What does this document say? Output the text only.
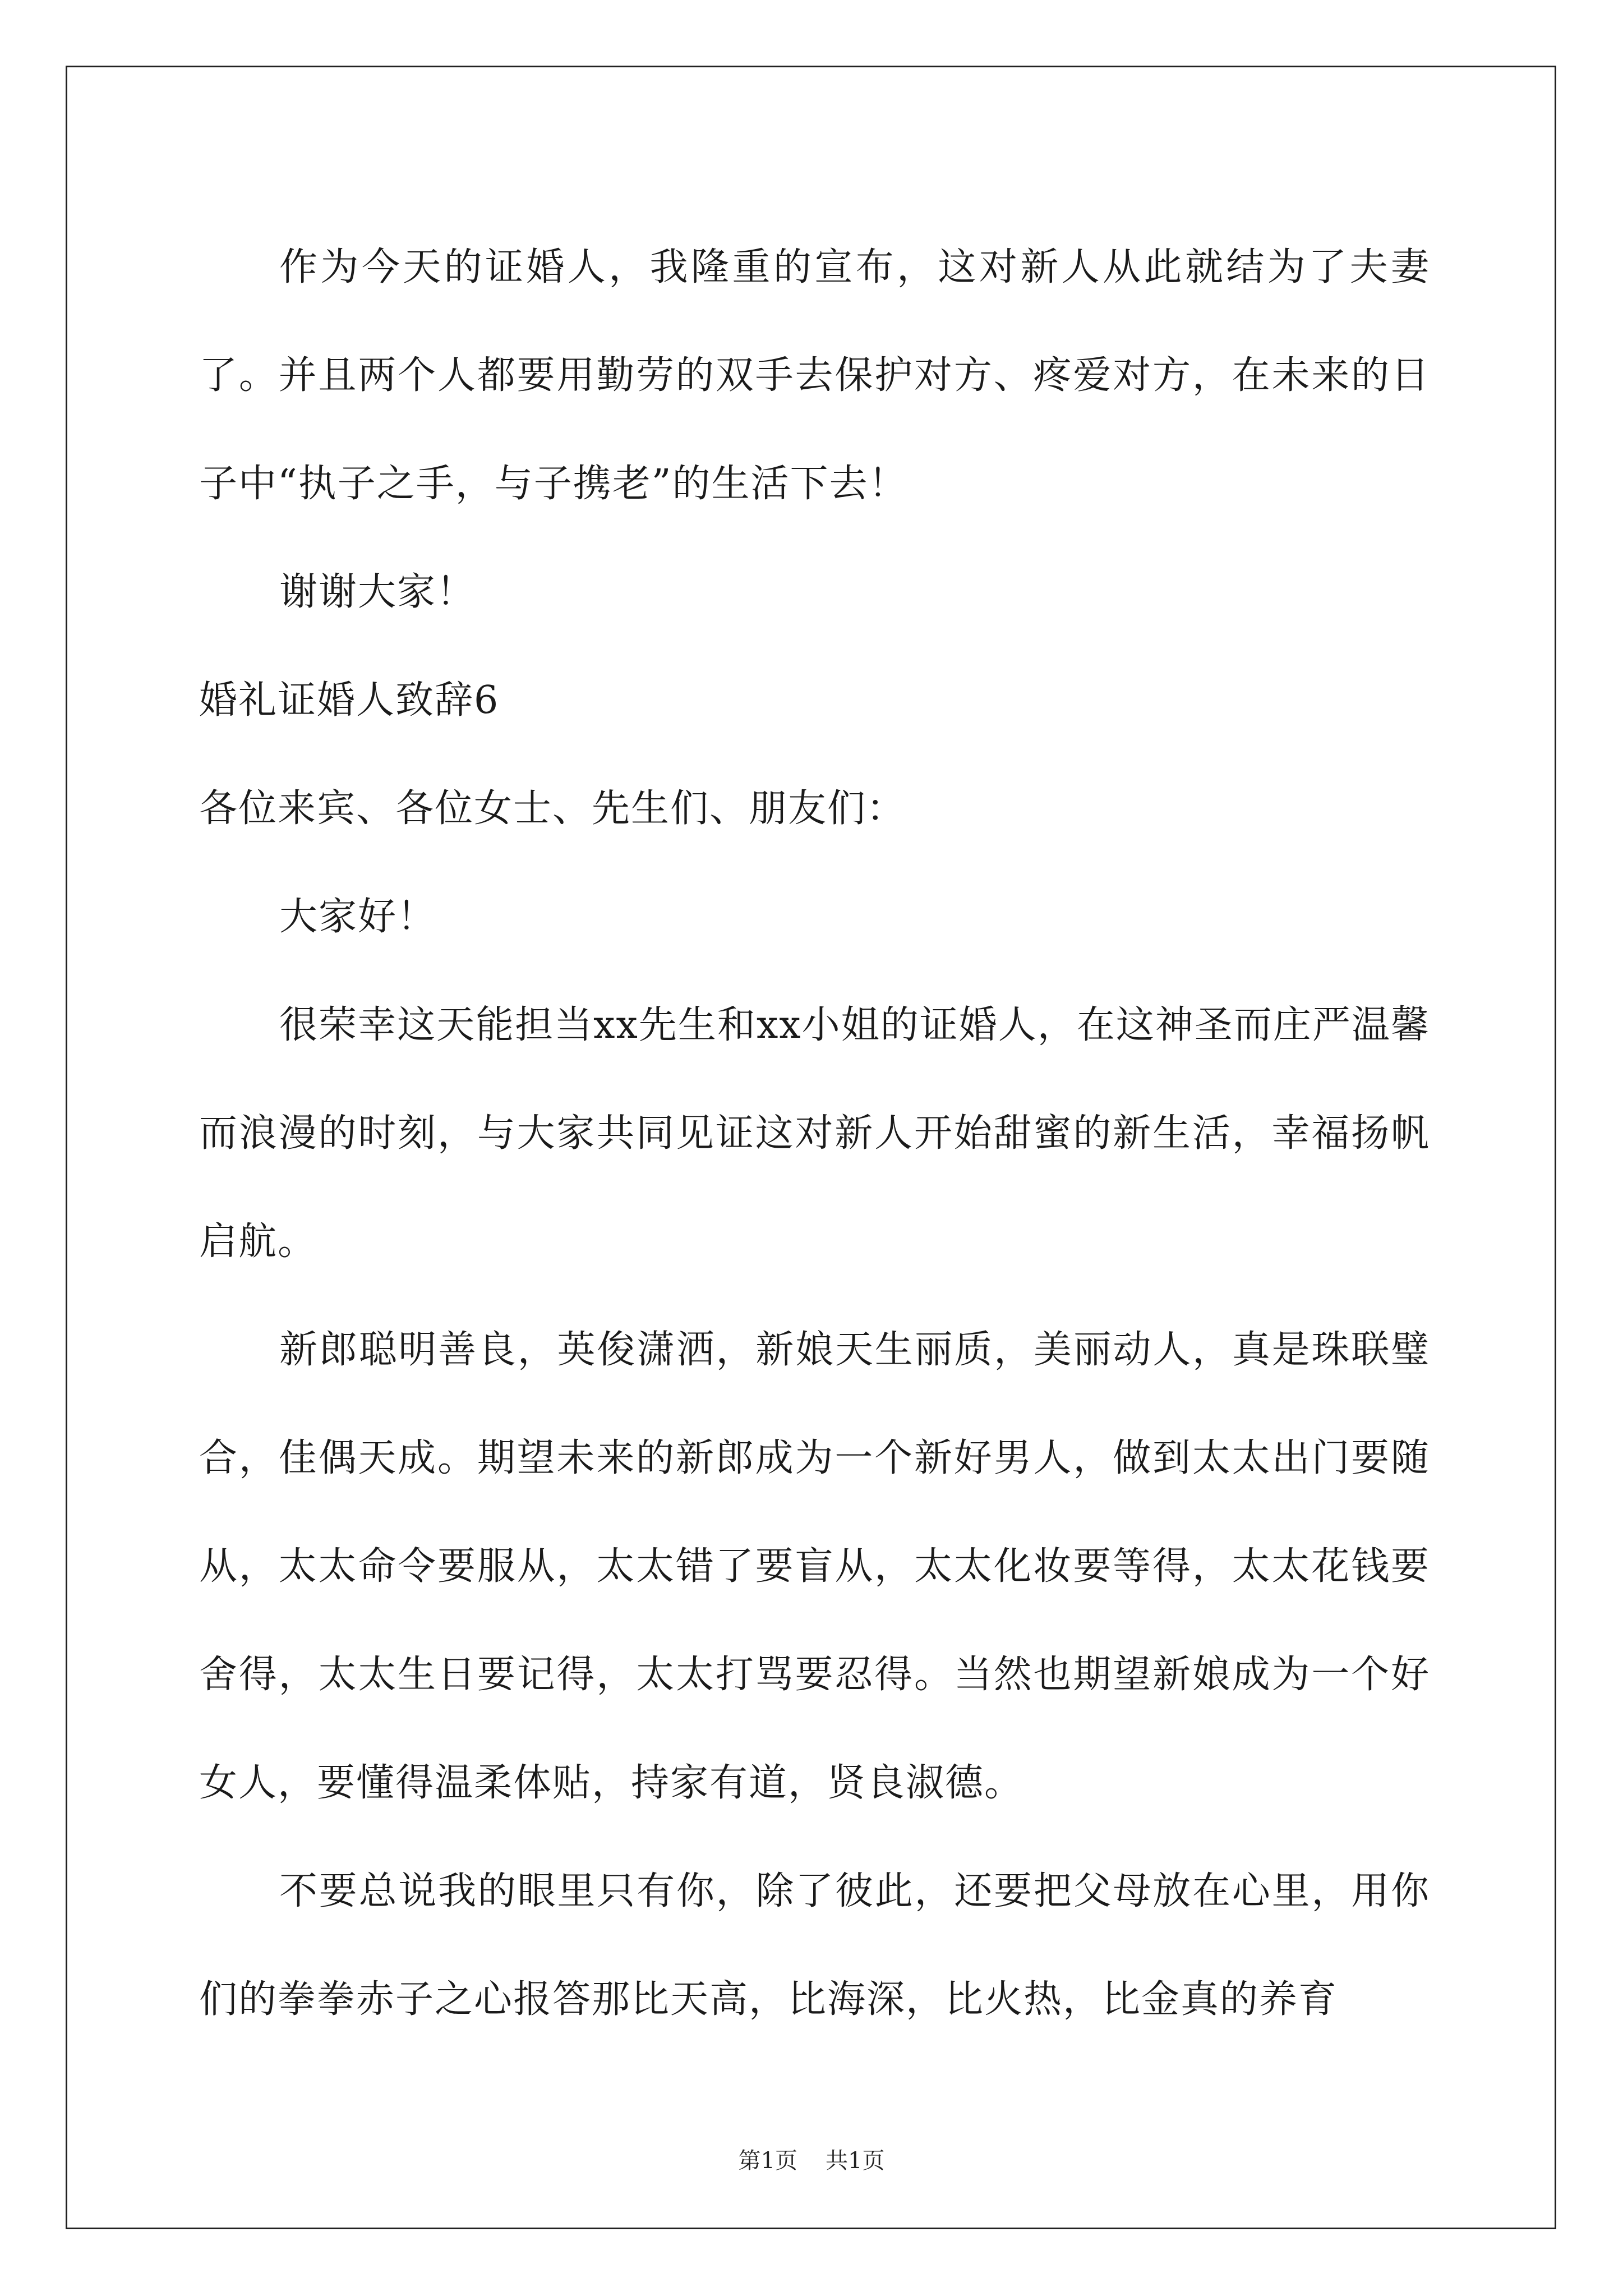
作为今天的证婚人，我隆重的宣布，这对新人从此就结为了夫妻了。并且两个人都要用勤劳的双手去保护对方、疼爱对方，在未来的日子中“执子之手，与子携老”的生活下去！

谢谢大家！

婚礼证婚人致辞6

各位来宾、各位女士、先生们、朋友们：

大家好！

很荣幸这天能担当xx先生和xx小姐的证婚人，在这神圣而庄严温馨而浪漫的时刻，与大家共同见证这对新人开始甜蜜的新生活，幸福扬帆启航。

新郎聪明善良，英俊潇洒，新娘天生丽质，美丽动人，真是珠联璧合，佳偶天成。期望未来的新郎成为一个新好男人，做到太太出门要随从，太太命令要服从，太太错了要盲从，太太化妆要等得，太太花钱要舍得，太太生日要记得，太太打骂要忍得。当然也期望新娘成为一个好女人，要懂得温柔体贴，持家有道，贤良淑德。

不要总说我的眼里只有你，除了彼此，还要把父母放在心里，用你们的拳拳赤子之心报答那比天高，比海深，比火热，比金真的养育

第1页 共1页
